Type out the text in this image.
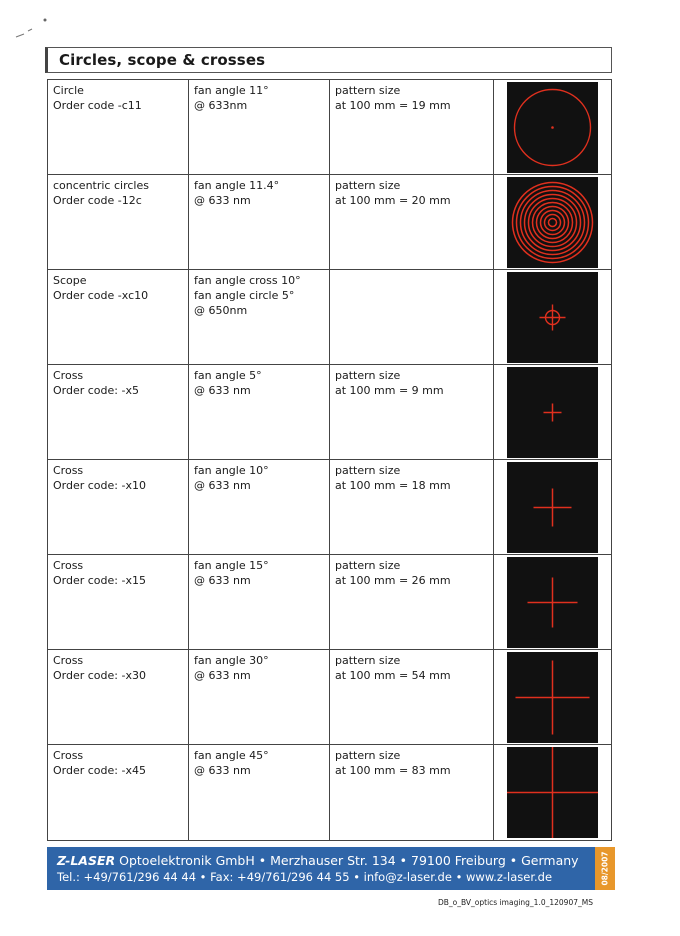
Circles, scope & crosses
Circle
Order code -c11
fan angle 11°
@ 633nm
pattern size
at 100 mm = 19 mm
concentric circles
Order code -12c
fan angle 11.4°
@ 633 nm
pattern size
at 100 mm = 20 mm
Scope
Order code -xc10
fan angle cross 10°
fan angle circle 5°
@ 650nm
Cross
Order code: -x5
fan angle 5°
@ 633 nm
pattern size
at 100 mm = 9 mm
Cross
Order code: -x10
fan angle 10°
@ 633 nm
pattern size
at 100 mm = 18 mm
Cross
Order code: -x15
fan angle 15°
@ 633 nm
pattern size
at 100 mm = 26 mm
Cross
Order code: -x30
fan angle 30°
@ 633 nm
pattern size
at 100 mm = 54 mm
Cross
Order code: -x45
fan angle 45°
@ 633 nm
pattern size
at 100 mm = 83 mm
Z-LASER Optoelektronik GmbH • Merzhauser Str. 134 • 79100 Freiburg • Germany
Tel.: +49/761/296 44 44 • Fax: +49/761/296 44 55 • info@z-laser.de • www.z-laser.de	08/2007
DB_o_BV_optics imaging_1.0_120907_MS
